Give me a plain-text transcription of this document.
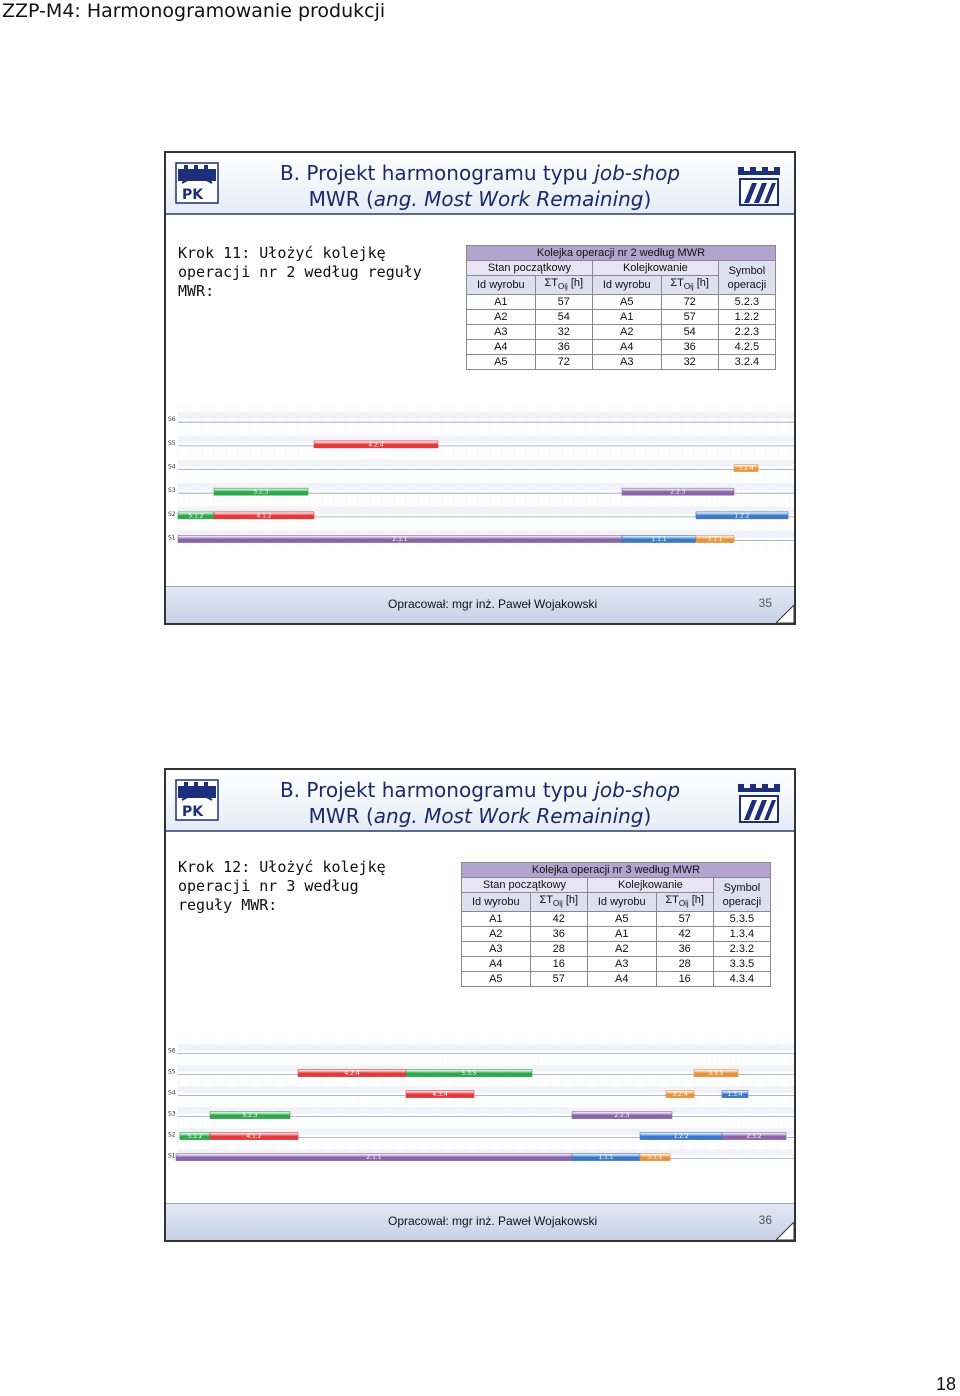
ZZP-M4: Harmonogramowanie produkcji
PK
B. Projekt harmonogramu typu job-shop
MWR (ang. Most Work Remaining)
Krok 11: Ułożyć kolejkę operacji nr 2 według reguły MWR:
Kolejka operacji nr 2 według MWR				
Stan początkowy		Kolejkowanie		Symbol
operacji
Id wyrobu	$\Sigma T_{Oij}$ [h]	Id wyrobu	$\Sigma T_{Oij}$ [h]	
A1	57	A5	72	5.2.3
A2	54	A1	57	1.2.2
A3	32	A2	54	2.2.3
A4	36	A4	36	4.2.5
A5	72	A3	32	3.2.4
S6
S5
S4
S3
S2
S1
4.2.4
3.2.4
5.2.3	2.2.3
5.1.2	4.1.2	1.2.2
2.1.1	1.1.1	3.1.1
Opracował: mgr inż. Paweł Wojakowski	35
PK
B. Projekt harmonogramu typu job-shop
MWR (ang. Most Work Remaining)
Krok 12: Ułożyć kolejkę operacji nr 3 według reguły MWR:
Kolejka operacji nr 3 według MWR				
Stan początkowy		Kolejkowanie		Symbol
operacji
Id wyrobu	$\Sigma T_{Oij}$ [h]	Id wyrobu	$\Sigma T_{Oij}$ [h]	
A1	42	A5	57	5.3.5
A2	36	A1	42	1.3.4
A3	28	A2	36	2.3.2
A4	16	A3	28	3.3.5
A5	57	A4	16	4.3.4
S6
S5
S4
S3
S2
S1
4.2.4	5.3.5	3.3.5
4.3.4	3.2.4	1.3.4
5.2.3	2.2.3
5.1.2	4.1.2	1.2.2	2.3.2
2.1.1	1.1.1	3.1.1
Opracował: mgr inż. Paweł Wojakowski	36
18
